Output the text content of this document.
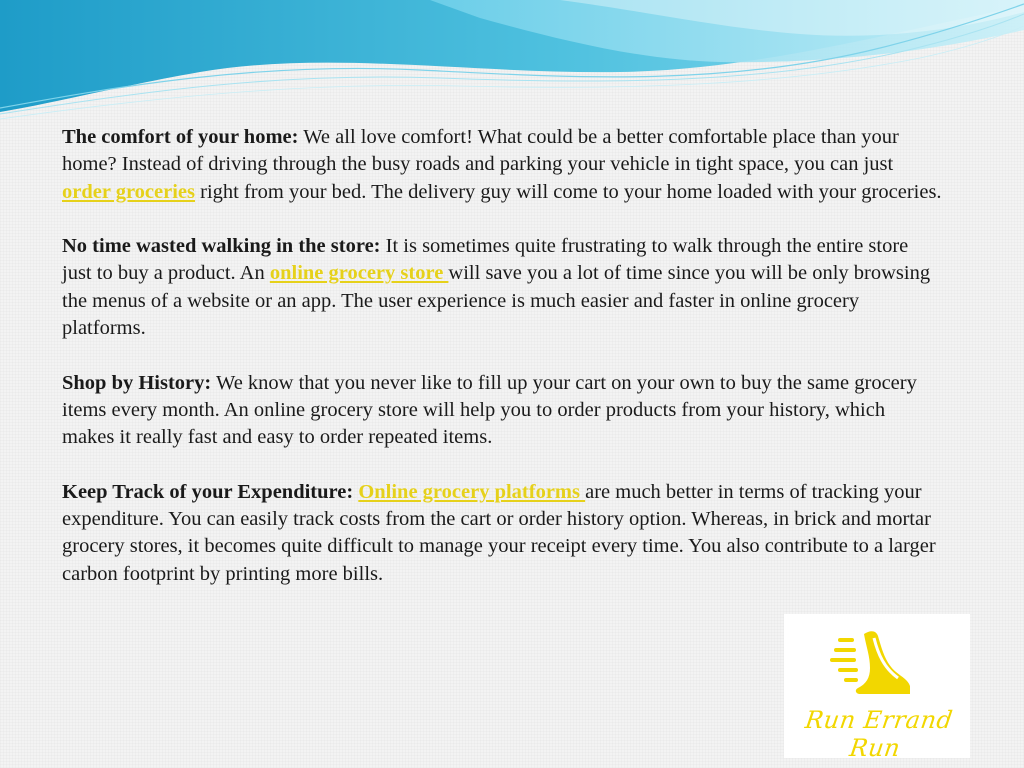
The comfort of your home: We all love comfort! What could be a better comfortable place than your home? Instead of driving through the busy roads and parking your vehicle in tight space, you can just order groceries right from your bed. The delivery guy will come to your home loaded with your groceries.

No time wasted walking in the store: It is sometimes quite frustrating to walk through the entire store just to buy a product. An online grocery store will save you a lot of time since you will be only browsing the menus of a website or an app. The user experience is much easier and faster in online grocery platforms.

Shop by History: We know that you never like to fill up your cart on your own to buy the same grocery items every month. An online grocery store will help you to order products from your history, which makes it really fast and easy to order repeated items.

Keep Track of your Expenditure: Online grocery platforms are much better in terms of tracking your expenditure. You can easily track costs from the cart or order history option. Whereas, in brick and mortar grocery stores, it becomes quite difficult to manage your receipt every time. You also contribute to a larger carbon footprint by printing more bills.

Run Errand Run
